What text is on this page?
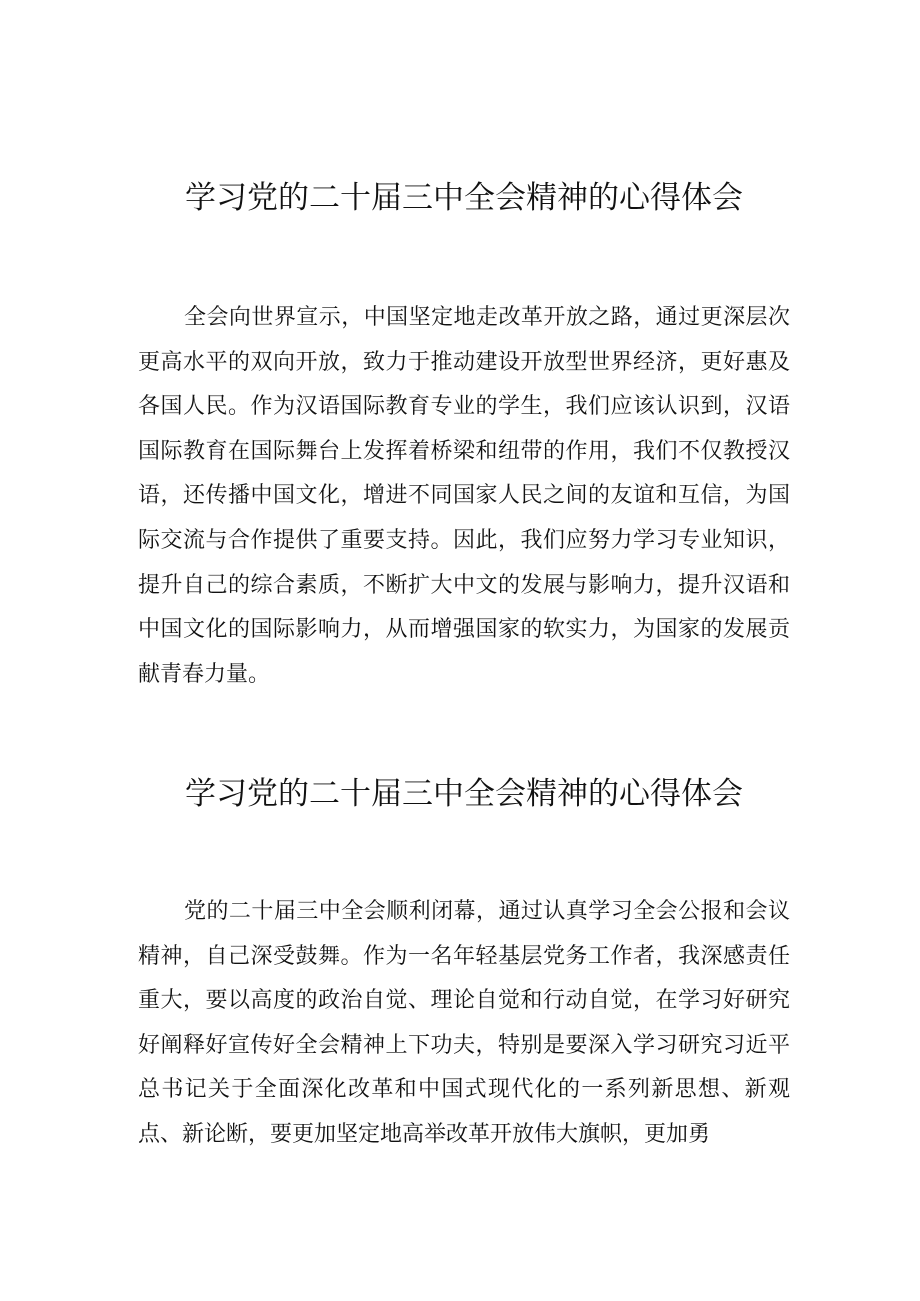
学习党的二十届三中全会精神的心得体会

全会向世界宣示，中国坚定地走改革开放之路，通过更深层次更高水平的双向开放，致力于推动建设开放型世界经济，更好惠及各国人民。作为汉语国际教育专业的学生，我们应该认识到，汉语国际教育在国际舞台上发挥着桥梁和纽带的作用，我们不仅教授汉语，还传播中国文化，增进不同国家人民之间的友谊和互信，为国际交流与合作提供了重要支持。因此，我们应努力学习专业知识，提升自己的综合素质，不断扩大中文的发展与影响力，提升汉语和中国文化的国际影响力，从而增强国家的软实力，为国家的发展贡献青春力量。

学习党的二十届三中全会精神的心得体会

党的二十届三中全会顺利闭幕，通过认真学习全会公报和会议精神，自己深受鼓舞。作为一名年轻基层党务工作者，我深感责任重大，要以高度的政治自觉、理论自觉和行动自觉，在学习好研究好阐释好宣传好全会精神上下功夫，特别是要深入学习研究习近平总书记关于全面深化改革和中国式现代化的一系列新思想、新观点、新论断，要更加坚定地高举改革开放伟大旗帜，更加勇
